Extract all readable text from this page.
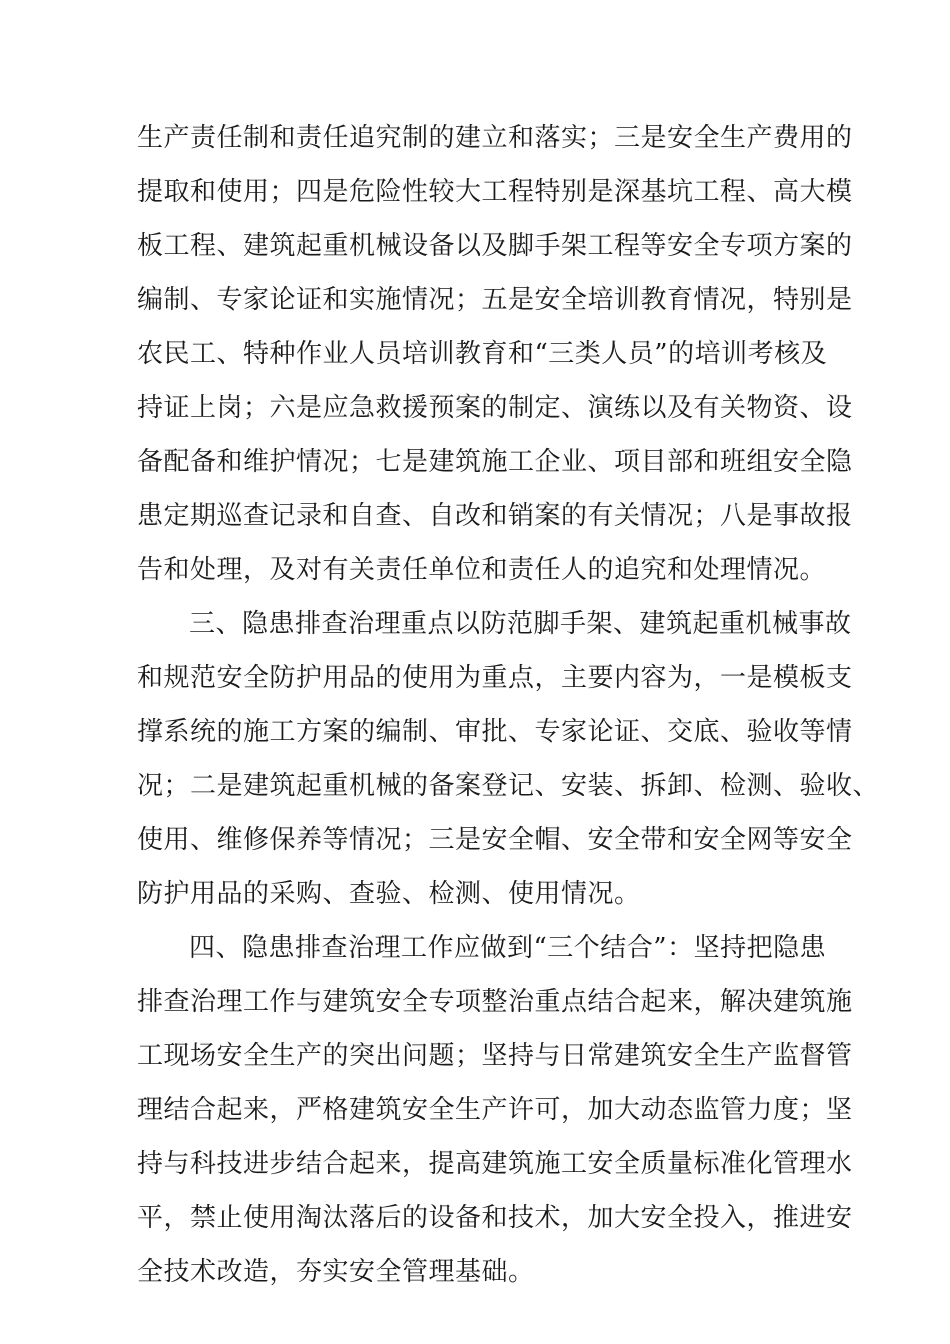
生产责任制和责任追究制的建立和落实；三是安全生产费用的
提取和使用；四是危险性较大工程特别是深基坑工程、高大模
板工程、建筑起重机械设备以及脚手架工程等安全专项方案的
编制、专家论证和实施情况；五是安全培训教育情况，特别是
农民工、特种作业人员培训教育和“三类人员”的培训考核及
持证上岗；六是应急救援预案的制定、演练以及有关物资、设
备配备和维护情况；七是建筑施工企业、项目部和班组安全隐
患定期巡查记录和自查、自改和销案的有关情况；八是事故报
告和处理，及对有关责任单位和责任人的追究和处理情况。
三、隐患排查治理重点以防范脚手架、建筑起重机械事故
和规范安全防护用品的使用为重点，主要内容为，一是模板支
撑系统的施工方案的编制、审批、专家论证、交底、验收等情
况；二是建筑起重机械的备案登记、安装、拆卸、检测、验收、
使用、维修保养等情况；三是安全帽、安全带和安全网等安全
防护用品的采购、查验、检测、使用情况。
四、隐患排查治理工作应做到“三个结合”：坚持把隐患
排查治理工作与建筑安全专项整治重点结合起来，解决建筑施
工现场安全生产的突出问题；坚持与日常建筑安全生产监督管
理结合起来，严格建筑安全生产许可，加大动态监管力度；坚
持与科技进步结合起来，提高建筑施工安全质量标准化管理水
平，禁止使用淘汰落后的设备和技术，加大安全投入，推进安
全技术改造，夯实安全管理基础。
